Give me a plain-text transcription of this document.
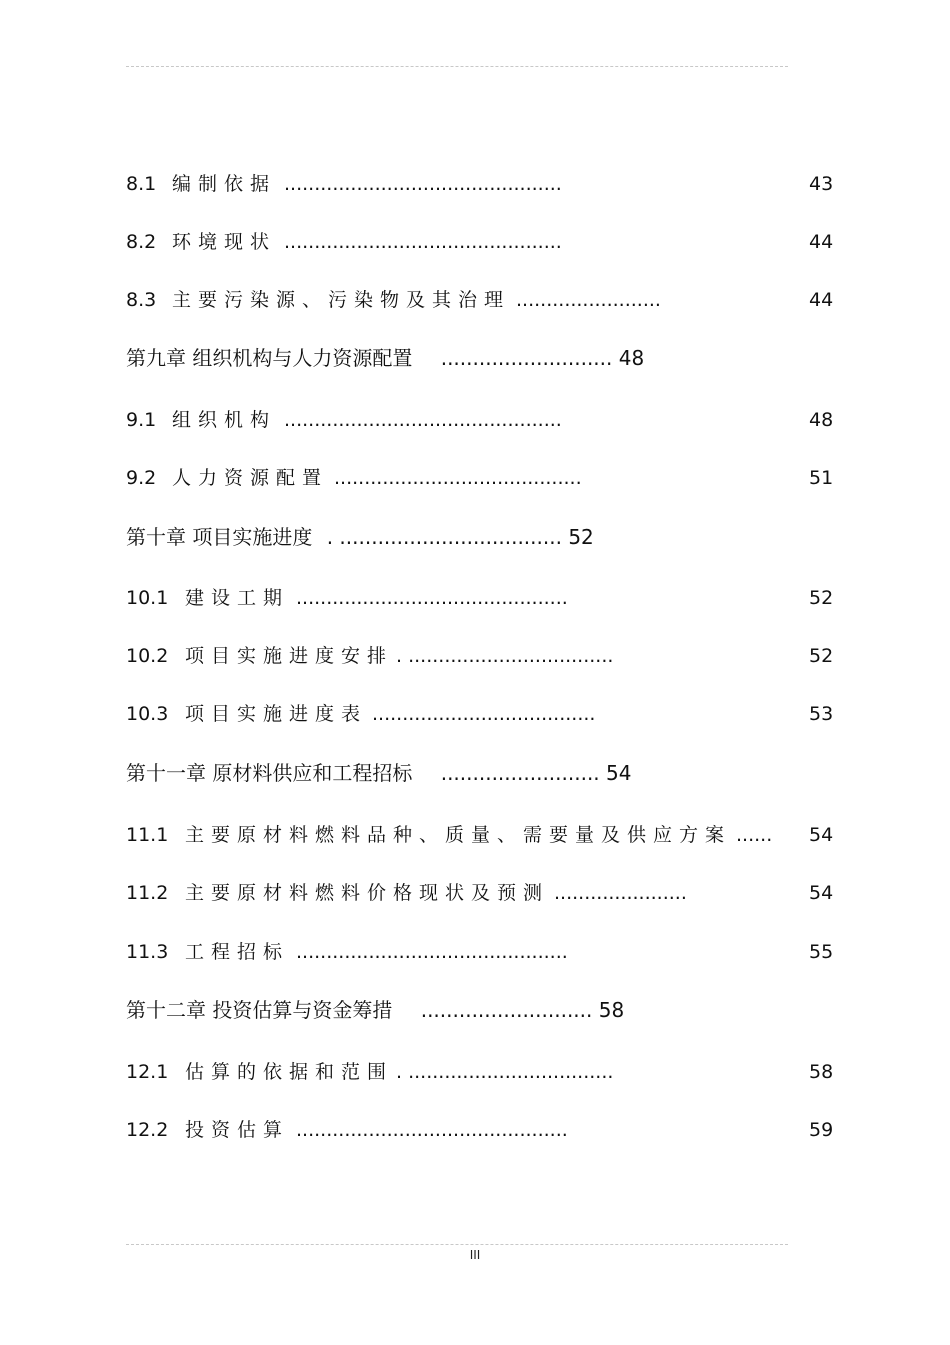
8.1 编制依据 ..............................................	43
8.2 环境现状 ..............................................	44
8.3 主要污染源、污染物及其治理 ........................	44
第九章 组织机构与人力资源配置 ........................... 48
9.1 组织机构 ..............................................	48
9.2 人力资源配置 .........................................	51
第十章 项目实施进度 . ................................... 52
10.1 建设工期 .............................................	52
10.2 项目实施进度安排 . ..................................	52
10.3 项目实施进度表 .....................................	53
第十一章 原材料供应和工程招标 ......................... 54
11.1 主要原材料燃料品种、质量、需要量及供应方案 ...... 54
11.2 主要原材料燃料价格现状及预测 ......................	54
11.3 工程招标 .............................................	55
第十二章 投资估算与资金筹措 ........................... 58
12.1 估算的依据和范围 . ..................................	58
12.2 投资估算 .............................................	59
III
